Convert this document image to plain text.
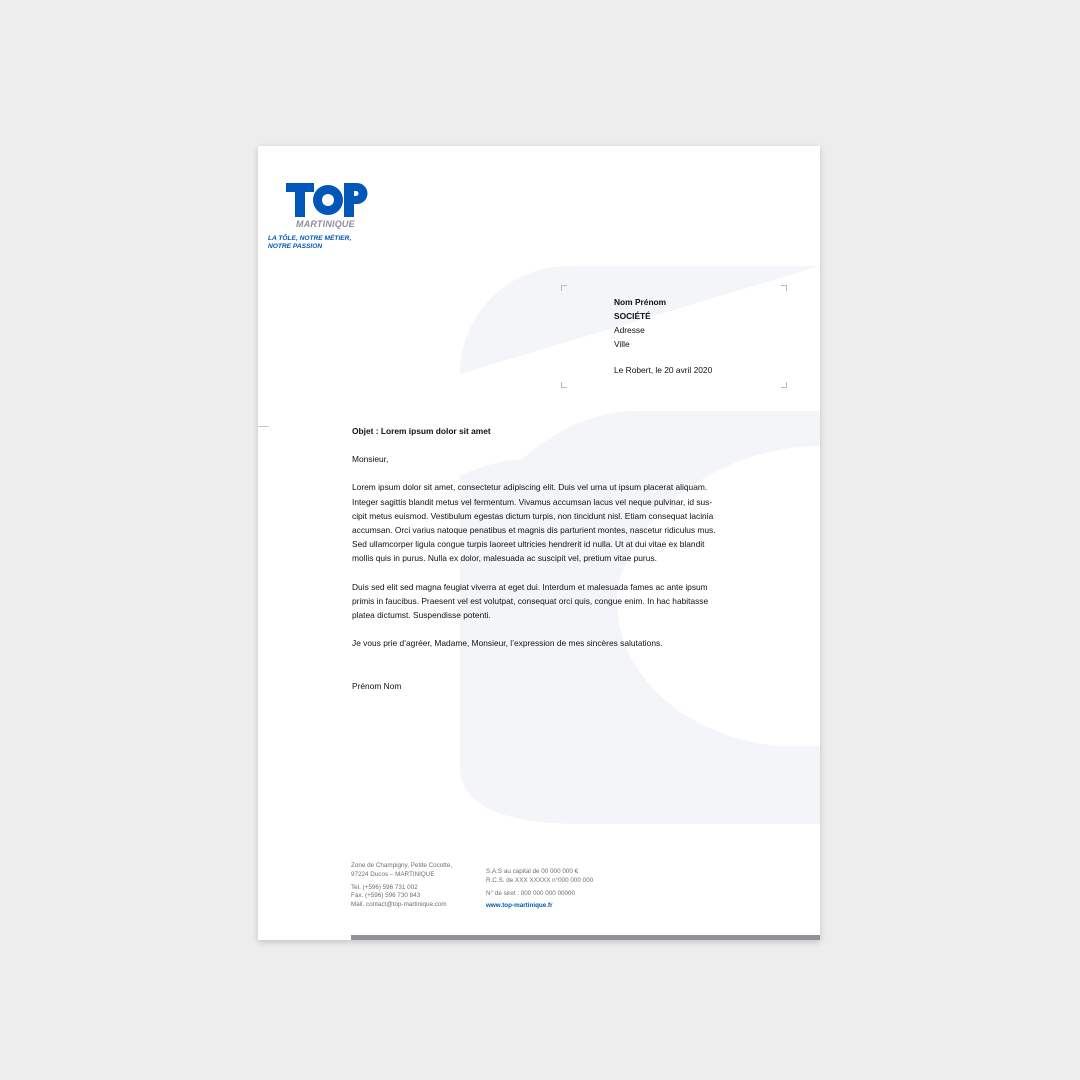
MARTINIQUE
LA TÔLE, NOTRE MÉTIER,
NOTRE PASSION
Nom Prénom
SOCIÉTÉ
Adresse
Ville
Le Robert, le 20 avril 2020

Objet : Lorem ipsum dolor sit amet

Monsieur,

Lorem ipsum dolor sit amet, consectetur adipiscing elit. Duis vel urna ut ipsum placerat aliquam.

Integer sagittis blandit metus vel fermentum. Vivamus accumsan lacus vel neque pulvinar, id sus-

cipit metus euismod. Vestibulum egestas dictum turpis, non tincidunt nisl. Etiam consequat lacinia

accumsan. Orci varius natoque penatibus et magnis dis parturient montes, nascetur ridiculus mus.

Sed ullamcorper ligula congue turpis laoreet ultricies hendrerit id nulla. Ut at dui vitae ex blandit

mollis quis in purus. Nulla ex dolor, malesuada ac suscipit vel, pretium vitae purus.

Duis sed elit sed magna feugiat viverra at eget dui. Interdum et malesuada fames ac ante ipsum

primis in faucibus. Praesent vel est volutpat, consequat orci quis, congue enim. In hac habitasse

platea dictumst. Suspendisse potenti.

Je vous prie d’agréer, Madame, Monsieur, l’expression de mes sincères salutations.

Prénom Nom

Zone de Champigny, Petite Cocotte,
97224 Ducos – MARTINIQUE
Tel. (+596) 596 731 002
Fax. (+596) 596 730 843
Mail. contact@top-martinique.com
S.A.S au capital de 00 000 000 €
R.C.S. de XXX XXXXX n°000 000 000
N° de siret : 000 000 000 00000
www.top-martinique.fr
